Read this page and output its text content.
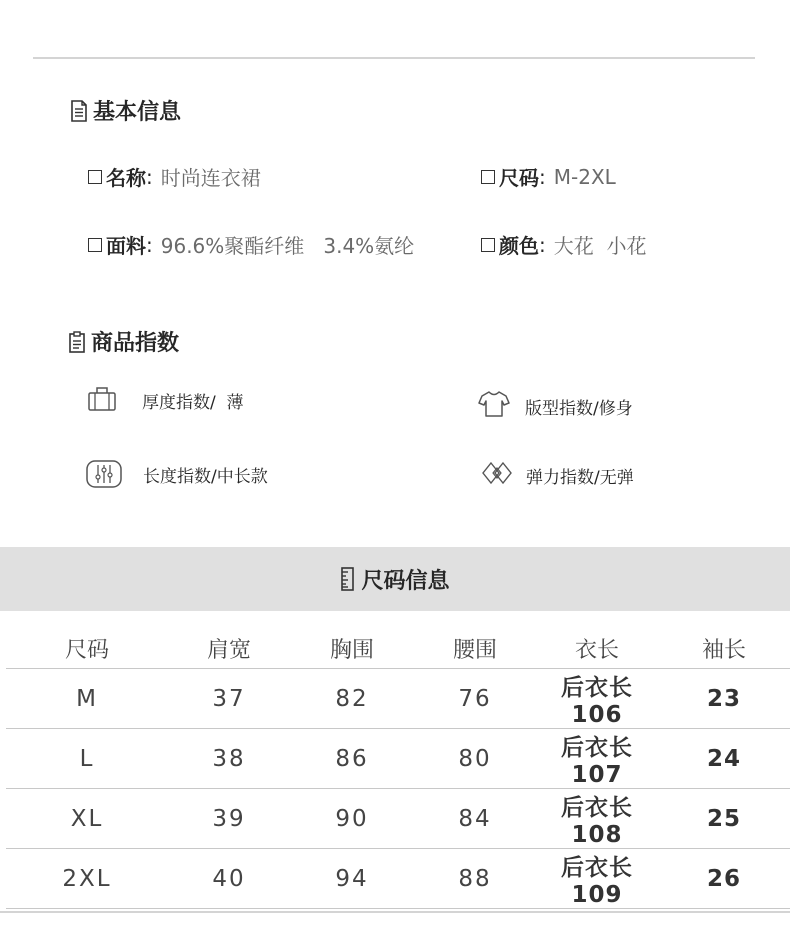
基本信息
名称 : 时尚连衣裙	尺码 : M-2XL
面料 : 96.6%聚酯纤维   3.4%氨纶	颜色 : 大花  小花
商品指数
厚度指数/  薄	版型指数/修身
长度指数/中长款	弹力指数/无弹
尺码信息
尺码	肩宽	胸围	腰围	衣长	袖长
M	37	82	76	后衣长106	23
L	38	86	80	后衣长107	24
XL	39	90	84	后衣长108	25
2XL	40	94	88	后衣长109	26
